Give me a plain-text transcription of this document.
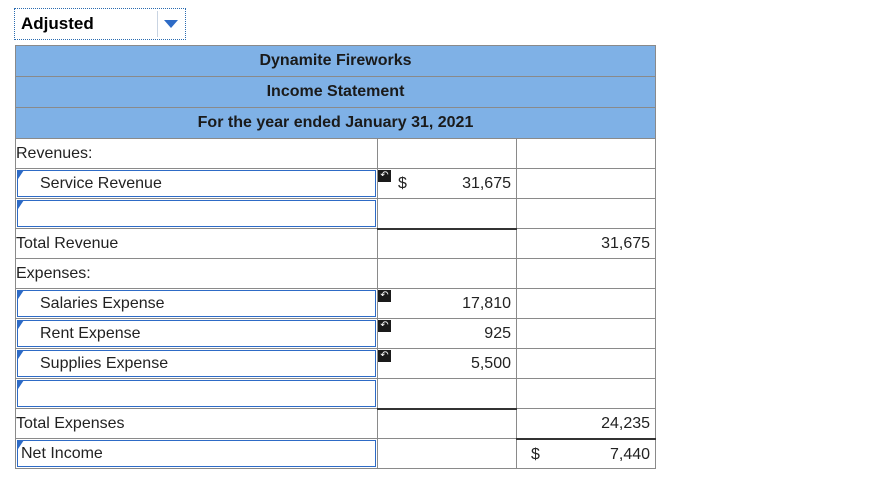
Adjusted
Dynamite Fireworks		
Income Statement		
For the year ended January 31, 2021		
Revenues:		

Service Revenue	↶ $ 31,675	

Total Revenue		31,675

Expenses:		

Salaries Expense	↶ 17,810	

Rent Expense	↶ 925	

Supplies Expense	↶ 5,500	

Total Expenses		24,235

Net Income		$ 7,440
